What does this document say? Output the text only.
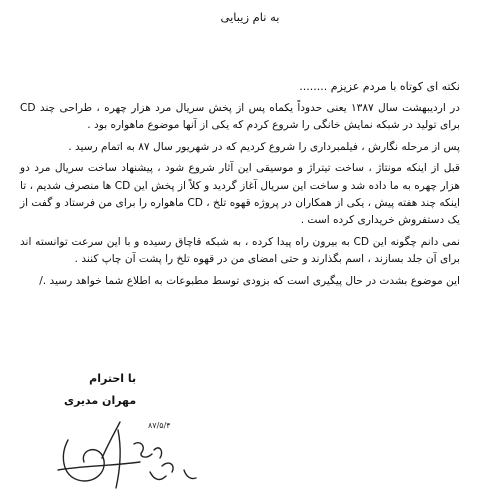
به نام زیبایی
نکته ای کوتاه با مردم عزیزم ........

در اردیبهشت سال ۱۳۸۷ یعنی حدوداً یکماه پس از پخش سریال مرد هزار چهره ، طراحی چند CD برای تولید در شبکه نمایش خانگی را شروع کردم که یکی از آنها موضوع ماهواره بود .

پس از مرحله نگارش ، فیلمبرداری را شروع کردیم که در شهریور سال ۸۷ به اتمام رسید .

قبل از اینکه مونتاژ ، ساخت تیتراژ و موسیقی این آثار شروع شود ، پیشنهاد ساخت سریال مرد دو هزار چهره به ما داده شد و ساخت این سریال آغاز گردید و کلاً از پخش این CD ها منصرف شدیم ، تا اینکه چند هفته پیش ، یکی از همکاران در پروژه قهوه تلخ ، CD ماهواره را برای من فرستاد و گفت از یک دستفروش خریداری کرده است .

نمی دانم چگونه این CD به بیرون راه پیدا کرده ، به شبکه قاچاق رسیده و با این سرعت توانسته اند برای آن جلد بسازند ، اسم بگذارند و حتی امضای من در قهوه تلخ را پشت آن چاپ کنند .

این موضوع بشدت در حال پیگیری است که بزودی توسط مطبوعات به اطلاع شما خواهد رسید ./

با احترام
مهران مدیری
۸۷/۵/۴
